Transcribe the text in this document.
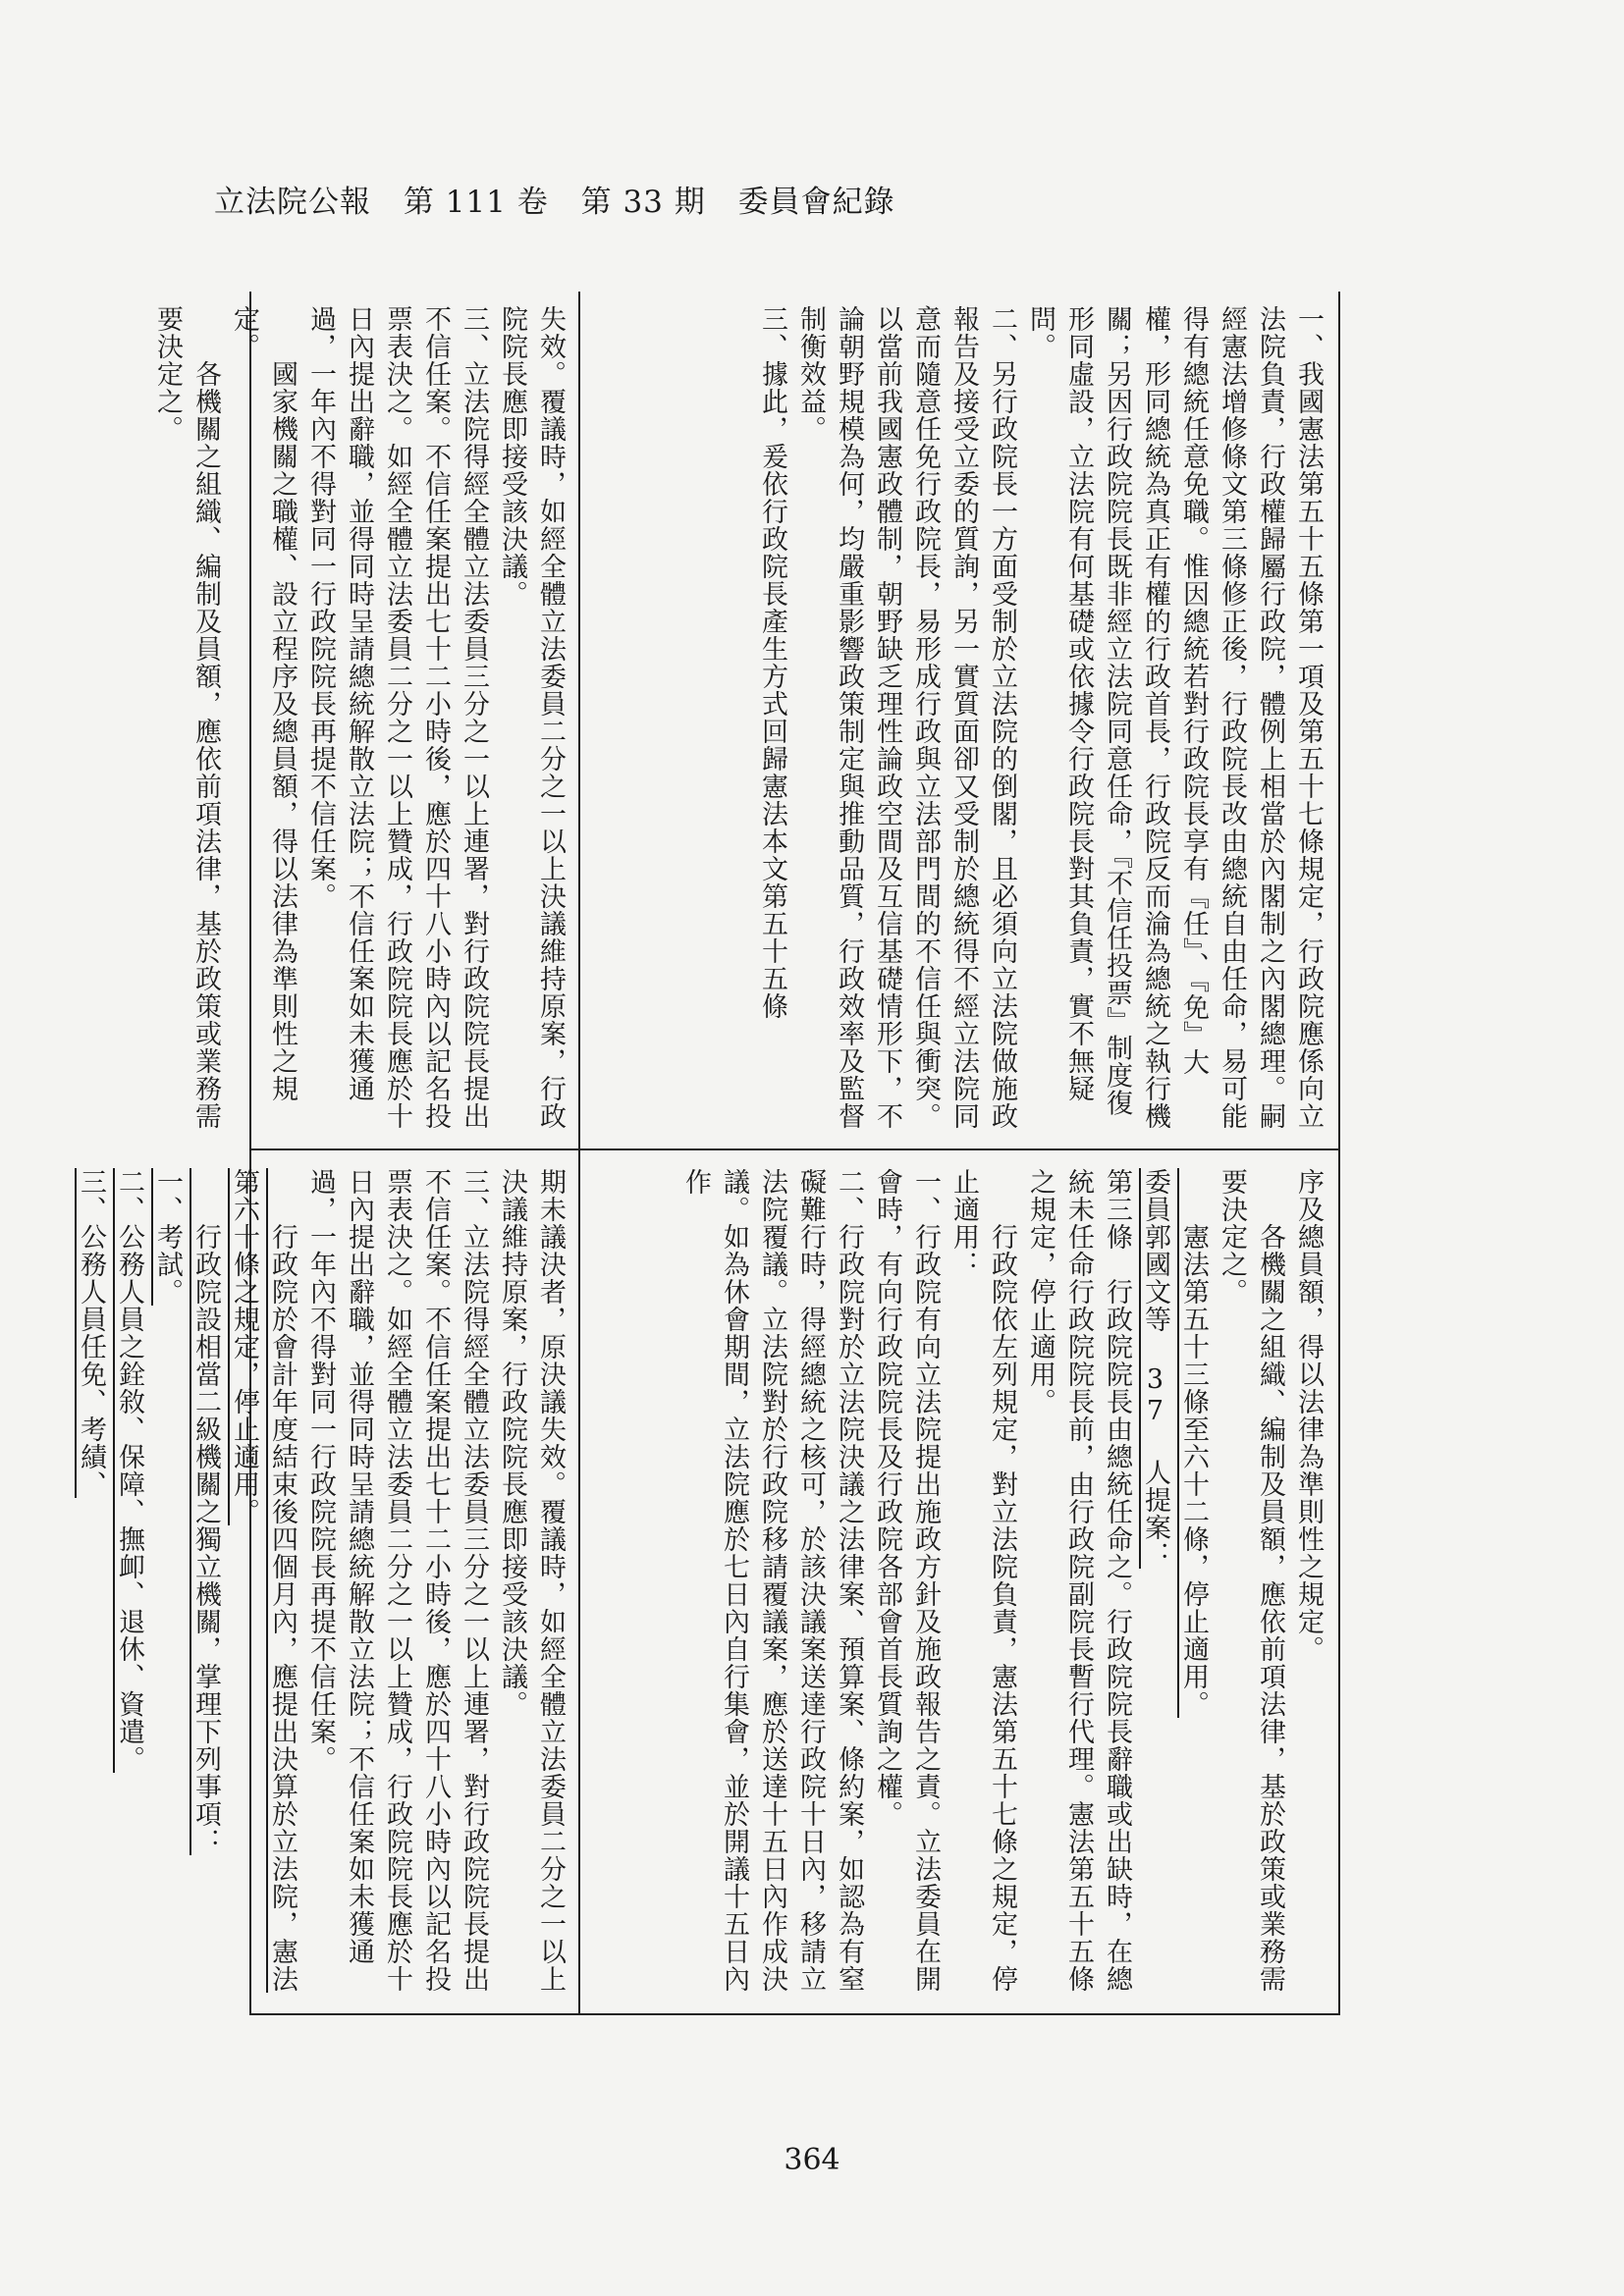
立法院公報 第 111 卷 第 33 期 委員會紀錄

一、我國憲法第五十五條第一項及第五十七條規定，行政院應係向立法院負責，行政權歸屬行政院，體例上相當於內閣制之內閣總理。嗣經憲法增修條文第三條修正後，行政院長改由總統自由任命，易可能得有總統任意免職。惟因總統若對行政院長享有『任』、『免』大權，形同總統為真正有權的行政首長，行政院反而淪為總統之執行機關；另因行政院院長既非經立法院同意任命，『不信任投票』制度復形同虛設，立法院有何基礎或依據令行政院長對其負責，實不無疑問。

二、另行政院長一方面受制於立法院的倒閣，且必須向立法院做施政報告及接受立委的質詢，另一實質面卻又受制於總統得不經立法院同意而隨意任免行政院長，易形成行政與立法部門間的不信任與衝突。以當前我國憲政體制，朝野缺乏理性論政空間及互信基礎情形下，不論朝野規模為何，均嚴重影響政策制定與推動品質，行政效率及監督制衡效益。

三、據此，爰依行政院長產生方式回歸憲法本文第五十五條

失效。覆議時，如經全體立法委員二分之一以上決議維持原案，行政院院長應即接受該決議。

三、立法院得經全體立法委員三分之一以上連署，對行政院院長提出不信任案。不信任案提出七十二小時後，應於四十八小時內以記名投票表決之。如經全體立法委員二分之一以上贊成，行政院院長應於十日內提出辭職，並得同時呈請總統解散立法院；不信任案如未獲通過，一年內不得對同一行政院院長再提不信任案。

　　國家機關之職權、設立程序及總員額，得以法律為準則性之規定。

　　各機關之組織、編制及員額，應依前項法律，基於政策或業務需要決定之。

序及總員額，得以法律為準則性之規定。

　　各機關之組織、編制及員額，應依前項法律，基於政策或業務需要決定之。

　　憲法第五十三條至六十二條，停止適用。

委員郭國文等 37 人提案：

第三條　行政院院長由總統任命之。行政院院長辭職或出缺時，在總統未任命行政院院長前，由行政院副院長暫行代理。憲法第五十五條之規定，停止適用。

　　行政院依左列規定，對立法院負責，憲法第五十七條之規定，停止適用：

一、行政院有向立法院提出施政方針及施政報告之責。立法委員在開會時，有向行政院院長及行政院各部會首長質詢之權。

二、行政院對於立法院決議之法律案、預算案、條約案，如認為有窒礙難行時，得經總統之核可，於該決議案送達行政院十日內，移請立法院覆議。立法院對於行政院移請覆議案，應於送達十五日內作成決議。如為休會期間，立法院應於七日內自行集會，並於開議十五日內作

期未議決者，原決議失效。覆議時，如經全體立法委員二分之一以上決議維持原案，行政院院長應即接受該決議。

三、立法院得經全體立法委員三分之一以上連署，對行政院院長提出不信任案。不信任案提出七十二小時後，應於四十八小時內以記名投票表決之。如經全體立法委員二分之一以上贊成，行政院院長應於十日內提出辭職，並得同時呈請總統解散立法院；不信任案如未獲通過，一年內不得對同一行政院院長再提不信任案。

　　行政院於會計年度結束後四個月內，應提出決算於立法院，憲法第六十條之規定，停止適用。

　　行政院設相當二級機關之獨立機關，掌理下列事項：

一、考試。

二、公務人員之銓敘、保障、撫卹、退休、資遣。

三、公務人員任免、考績、

364
